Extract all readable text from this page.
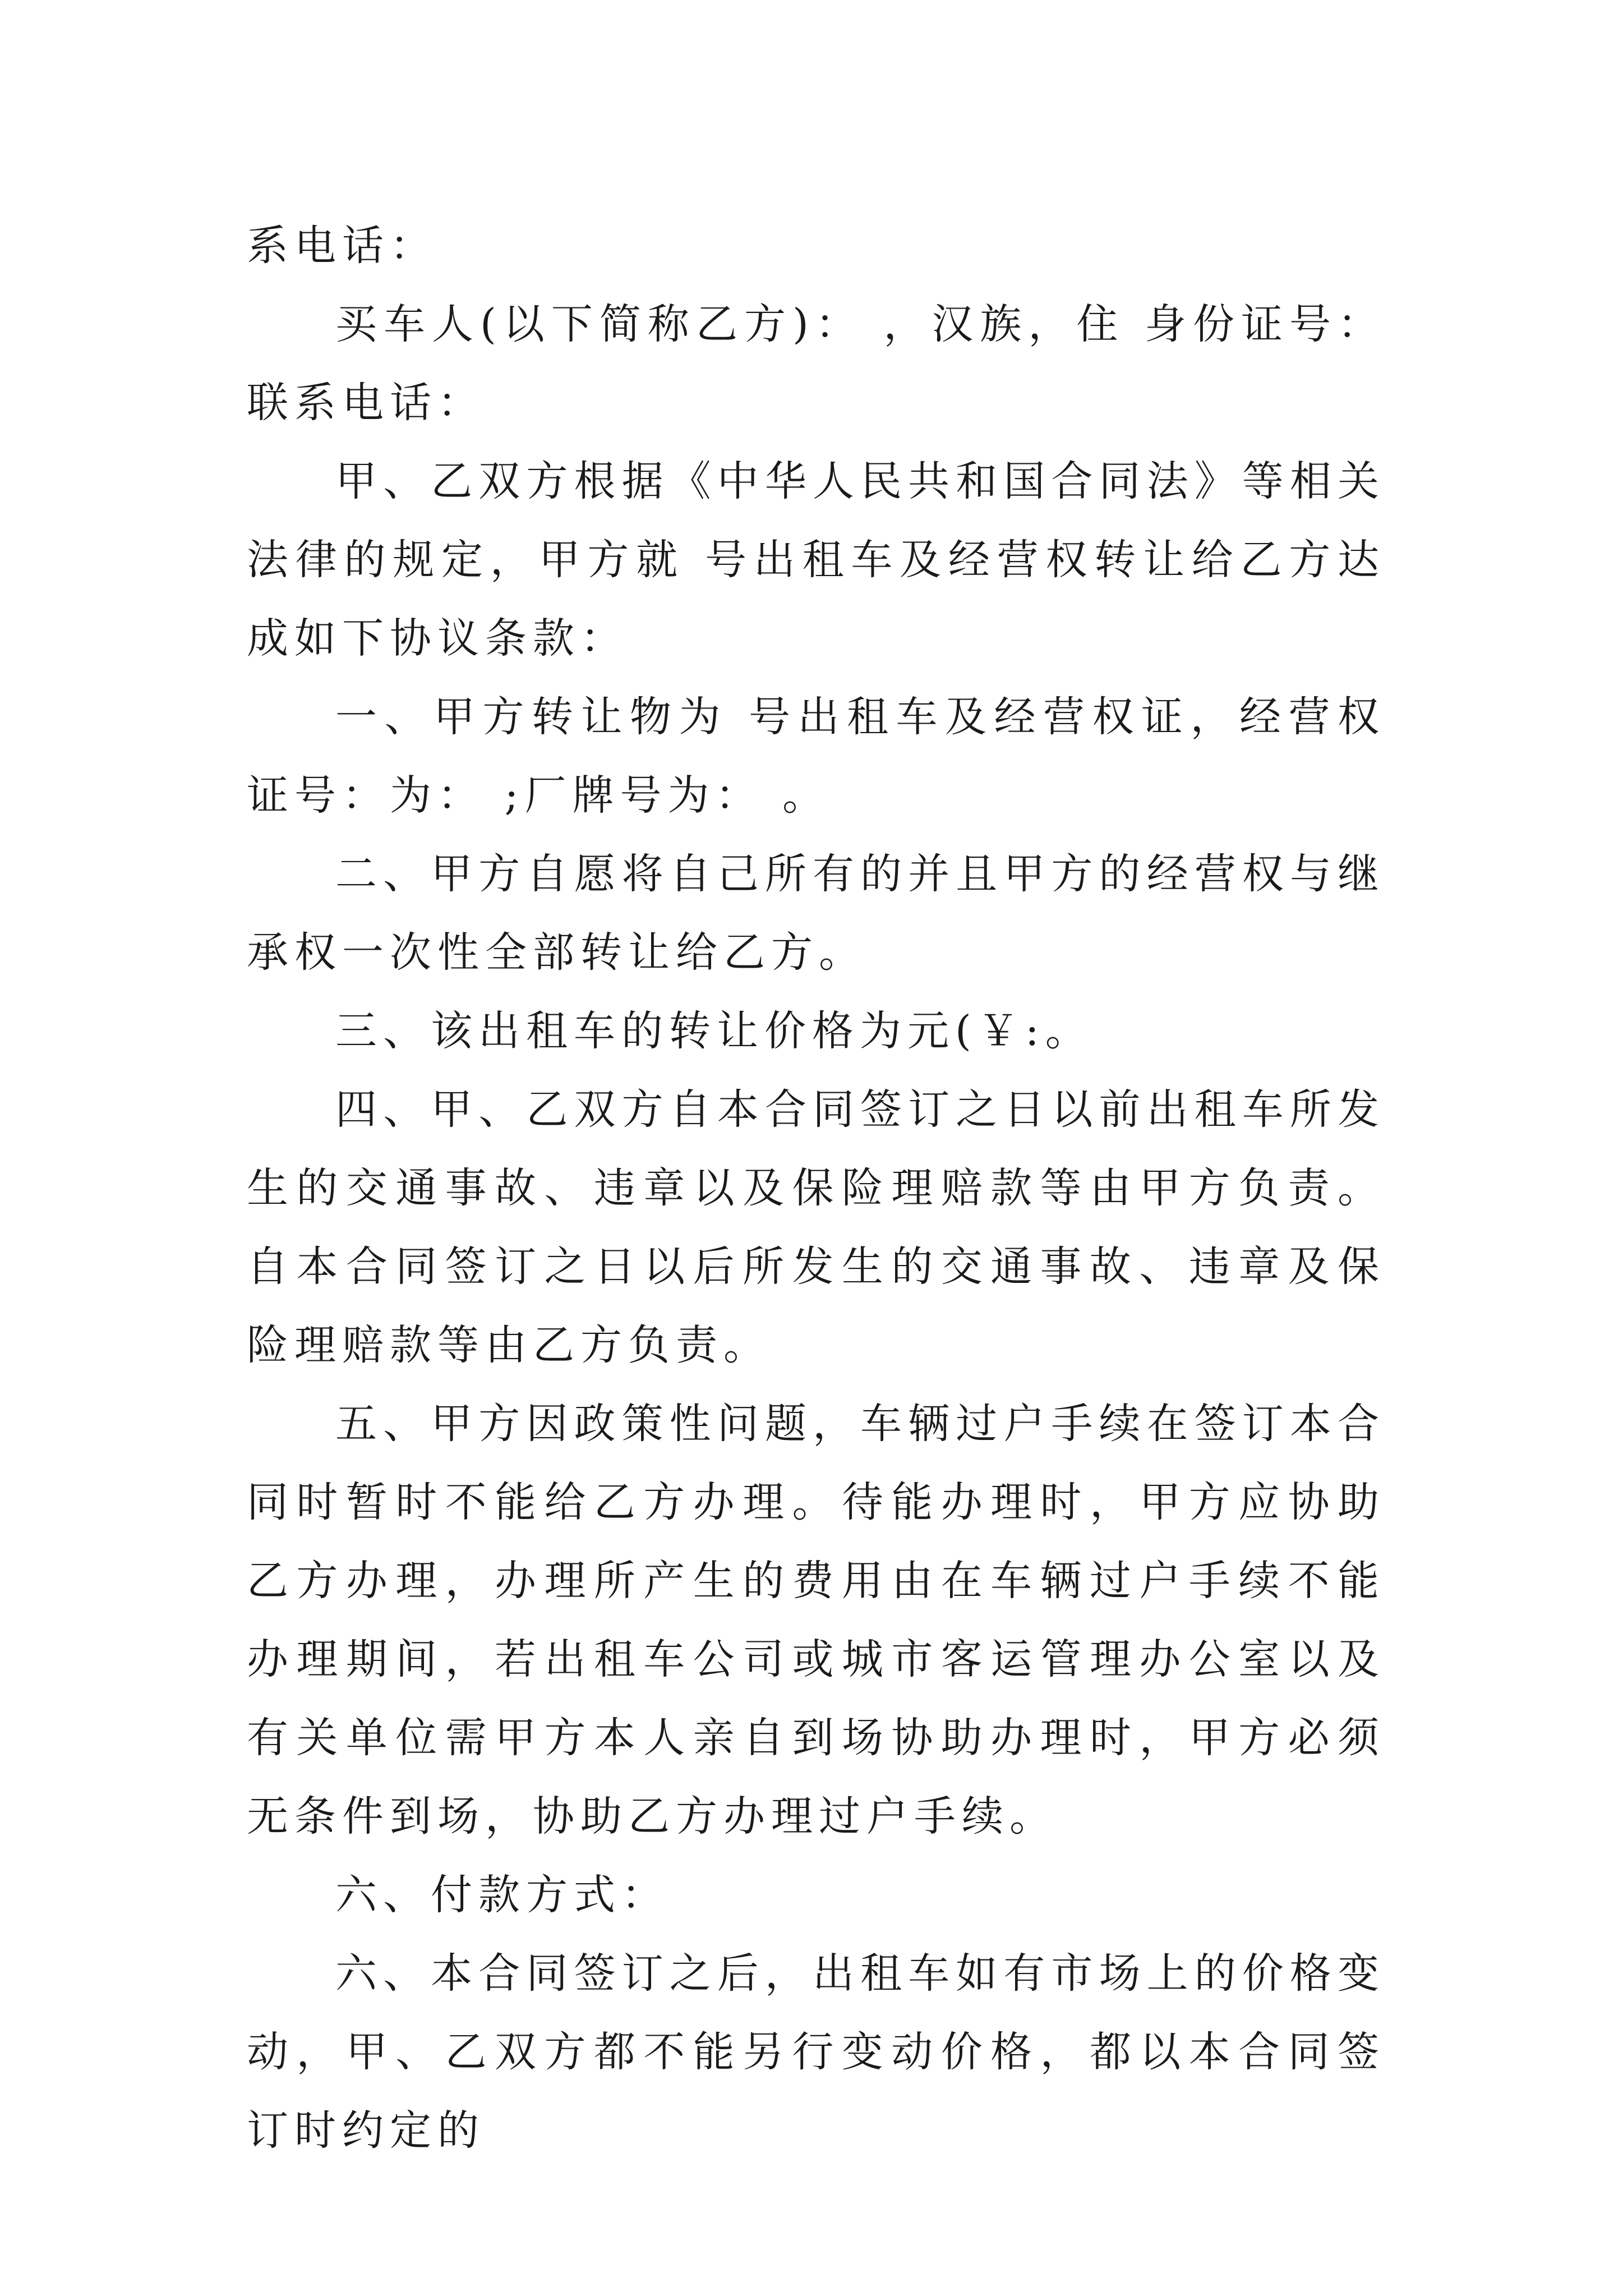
系电话：

买车人(以下简称乙方)： ，汉族，住 身份证号： 联系电话：

甲、乙双方根据《中华人民共和国合同法》等相关法律的规定，甲方就 号出租车及经营权转让给乙方达成如下协议条款：

一、甲方转让物为 号出租车及经营权证，经营权证号：为： ;厂牌号为： 。

二、甲方自愿将自己所有的并且甲方的经营权与继承权一次性全部转让给乙方。

三、该出租车的转让价格为元(￥:。

四、甲、乙双方自本合同签订之日以前出租车所发生的交通事故、违章以及保险理赔款等由甲方负责。自本合同签订之日以后所发生的交通事故、违章及保险理赔款等由乙方负责。

五、甲方因政策性问题，车辆过户手续在签订本合同时暂时不能给乙方办理。待能办理时，甲方应协助乙方办理，办理所产生的费用由在车辆过户手续不能办理期间，若出租车公司或城市客运管理办公室以及有关单位需甲方本人亲自到场协助办理时，甲方必须无条件到场，协助乙方办理过户手续。

六、付款方式：

六、本合同签订之后，出租车如有市场上的价格变动，甲、乙双方都不能另行变动价格，都以本合同签订时约定的
